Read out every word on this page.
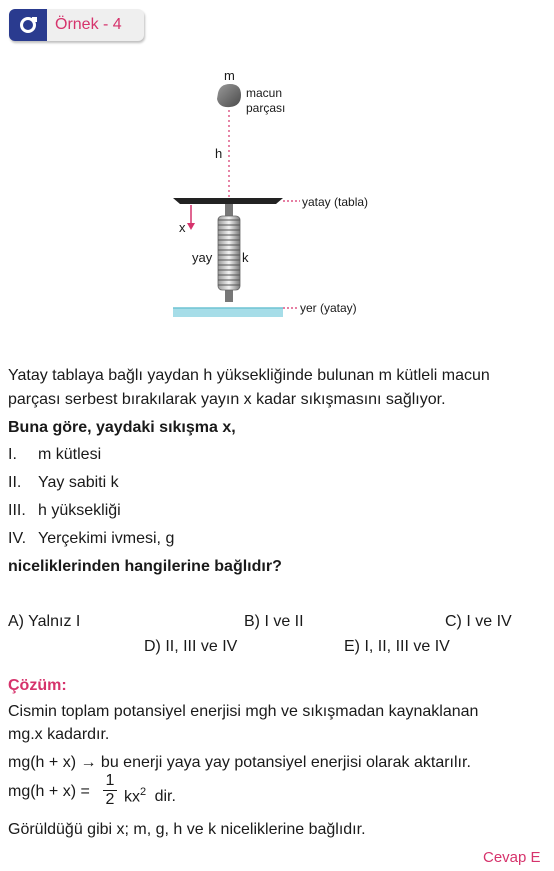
Örnek - 4
m
macun
parçası
h
yatay (tabla)
x
yay k
yer (yatay)
Yatay tablaya bağlı yaydan h yüksekliğinde bulunan m kütleli macun
parçası serbest bırakılarak yayın x kadar sıkışmasını sağlıyor.
Buna göre, yaydaki sıkışma x,
I. m kütlesi
II. Yay sabiti k
III. h yüksekliği
IV. Yerçekimi ivmesi, g
niceliklerinden hangilerine bağlıdır?
A) Yalnız I	B) I ve II	C) I ve IV
D) II, III ve IV	E) I, II, III ve IV
Çözüm:
Cismin toplam potansiyel enerjisi mgh ve sıkışmadan kaynaklanan
mg.x kadardır.
mg(h + x) → bu enerji yaya yay potansiyel enerjisi olarak aktarılır.
$mg(h + x) = \frac{1}{2} kx^2$ dir.
Görüldüğü gibi x; m, g, h ve k niceliklerine bağlıdır.
Cevap E
